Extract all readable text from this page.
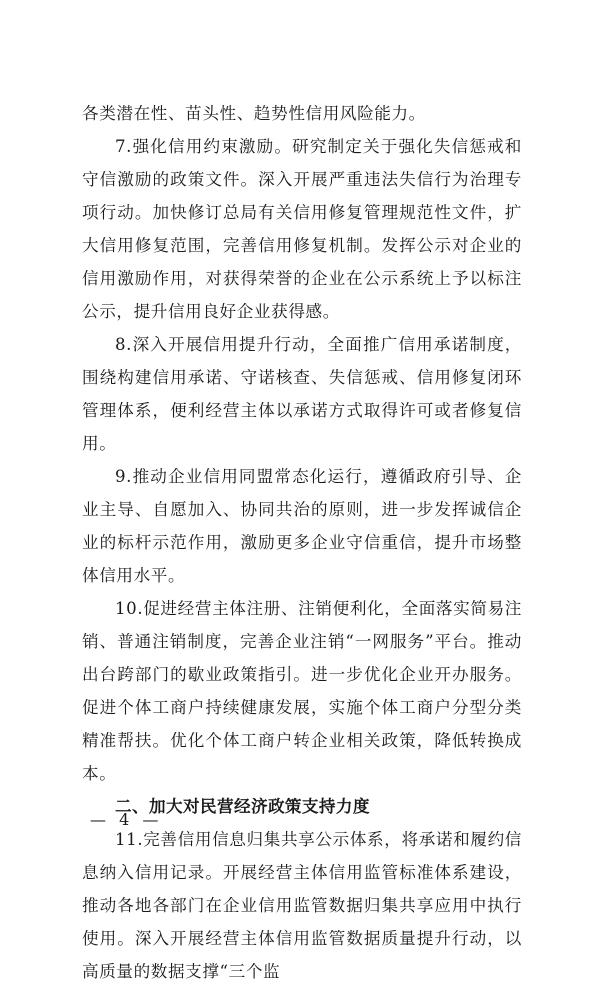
各类潜在性、苗头性、趋势性信用风险能力。

7.强化信用约束激励。研究制定关于强化失信惩戒和守信激励的政策文件。深入开展严重违法失信行为治理专项行动。加快修订总局有关信用修复管理规范性文件，扩大信用修复范围，完善信用修复机制。发挥公示对企业的信用激励作用，对获得荣誉的企业在公示系统上予以标注公示，提升信用良好企业获得感。

8.深入开展信用提升行动，全面推广信用承诺制度，围绕构建信用承诺、守诺核查、失信惩戒、信用修复闭环管理体系，便利经营主体以承诺方式取得许可或者修复信用。

9.推动企业信用同盟常态化运行，遵循政府引导、企业主导、自愿加入、协同共治的原则，进一步发挥诚信企业的标杆示范作用，激励更多企业守信重信，提升市场整体信用水平。

10.促进经营主体注册、注销便利化，全面落实简易注销、普通注销制度，完善企业注销“一网服务”平台。推动出台跨部门的歇业政策指引。进一步优化企业开办服务。促进个体工商户持续健康发展，实施个体工商户分型分类精准帮扶。优化个体工商户转企业相关政策，降低转换成本。

二、加大对民营经济政策支持力度

11.完善信用信息归集共享公示体系，将承诺和履约信息纳入信用记录。开展经营主体信用监管标准体系建设，推动各地各部门在企业信用监管数据归集共享应用中执行使用。深入开展经营主体信用监管数据质量提升行动，以高质量的数据支撑“三个监

— 4 —
